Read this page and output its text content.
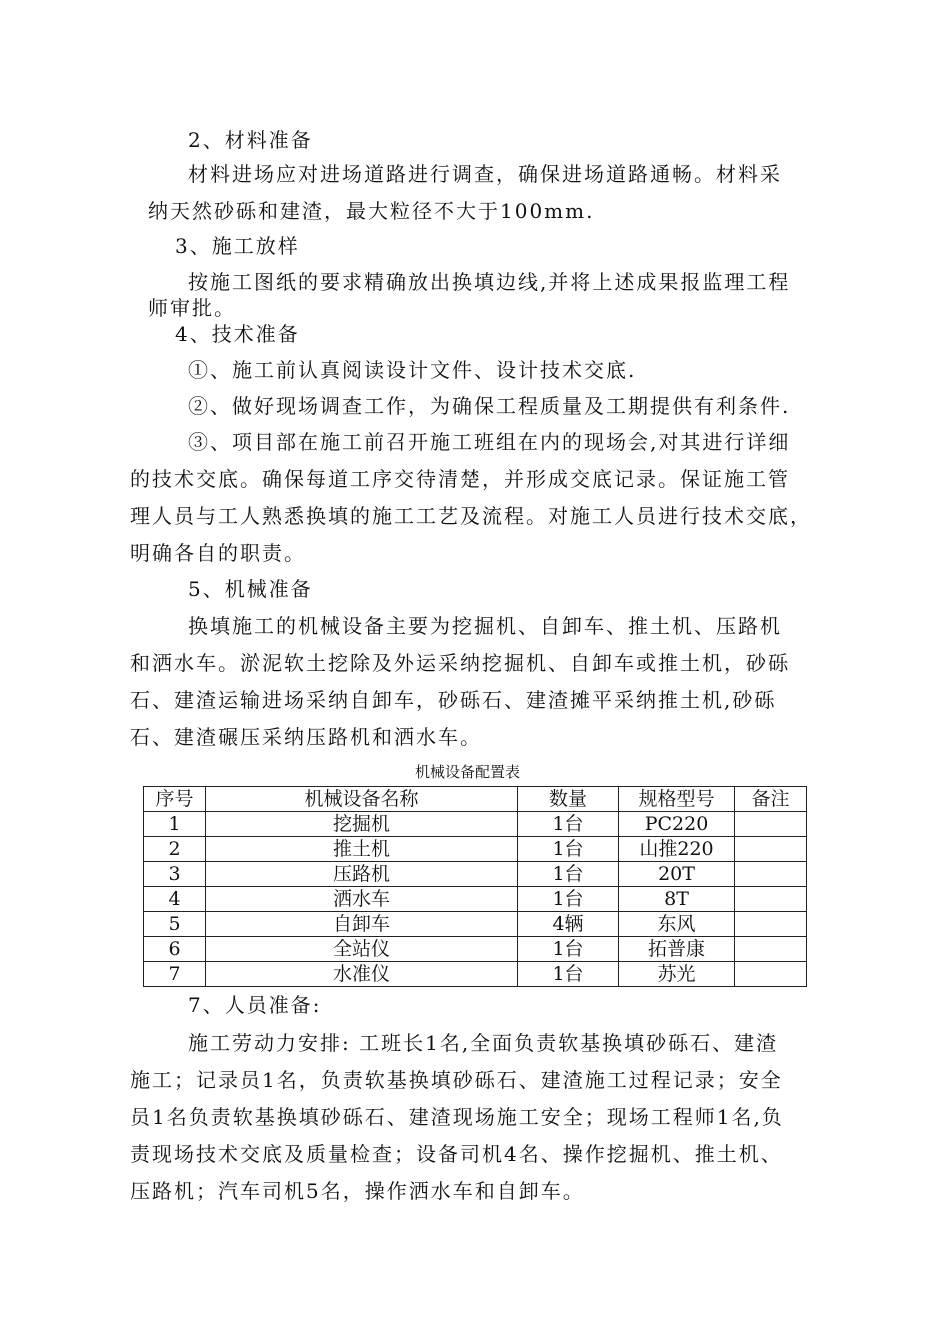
2、材料准备
材料进场应对进场道路进行调查，确保进场道路通畅。材料采
纳天然砂砾和建渣，最大粒径不大于100mm.
3、施工放样
按施工图纸的要求精确放出换填边线,并将上述成果报监理工程
师审批。
4、技术准备
①、施工前认真阅读设计文件、设计技术交底.
②、做好现场调查工作，为确保工程质量及工期提供有利条件.
③、项目部在施工前召开施工班组在内的现场会,对其进行详细
的技术交底。确保每道工序交待清楚，并形成交底记录。保证施工管
理人员与工人熟悉换填的施工工艺及流程。对施工人员进行技术交底，
明确各自的职责。
5、机械准备
换填施工的机械设备主要为挖掘机、自卸车、推土机、压路机
和洒水车。淤泥软土挖除及外运采纳挖掘机、自卸车或推土机，砂砾
石、建渣运输进场采纳自卸车，砂砾石、建渣摊平采纳推土机,砂砾
石、建渣碾压采纳压路机和洒水车。
机械设备配置表
序号	机械设备名称	数量	规格型号	备注
1	挖掘机	1台	PC220	
2	推土机	1台	山推220	
3	压路机	1台	20T	
4	洒水车	1台	8T	
5	自卸车	4辆	东风	
6	全站仪	1台	拓普康	
7	水准仪	1台	苏光	
7、人员准备:
施工劳动力安排: 工班长1名,全面负责软基换填砂砾石、建渣
施工；记录员1名，负责软基换填砂砾石、建渣施工过程记录；安全
员1名负责软基换填砂砾石、建渣现场施工安全；现场工程师1名,负
责现场技术交底及质量检查；设备司机4名、操作挖掘机、推土机、
压路机；汽车司机5名，操作洒水车和自卸车。
